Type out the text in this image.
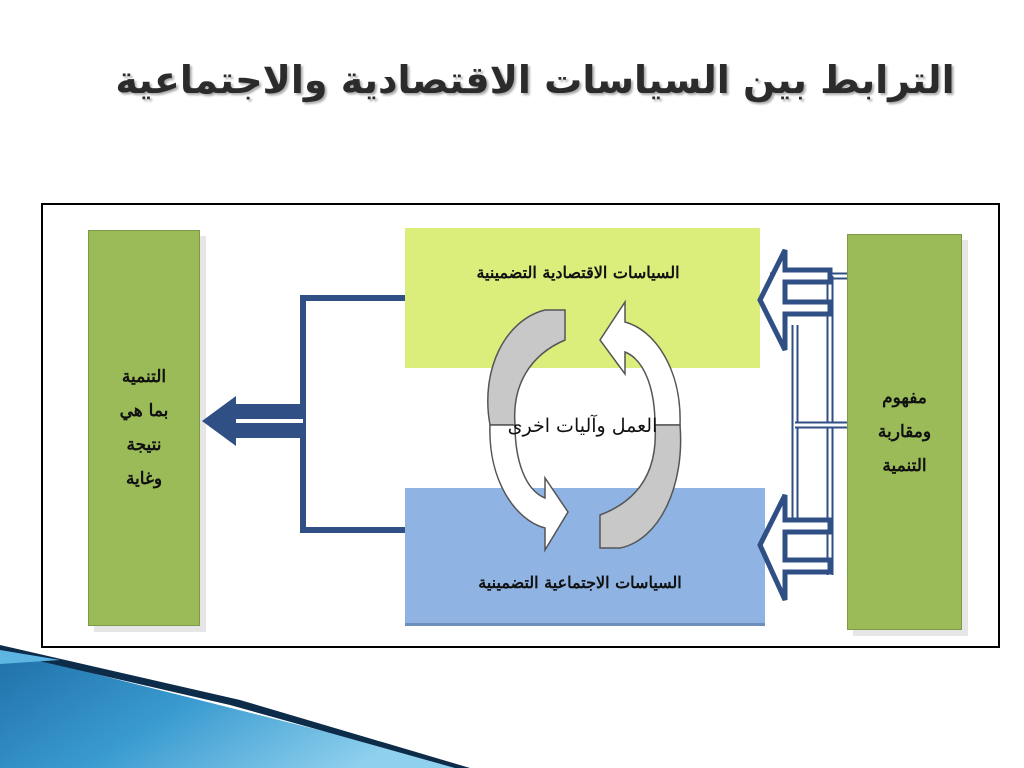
الترابط بين السياسات الاقتصادية والاجتماعية
التنمية
بما هي
نتيجة
وغاية
مفهوم
ومقاربة
التنمية
السياسات الاقتصادية التضمينية
السياسات الاجتماعية التضمينية
العمل وآليات اخرى
